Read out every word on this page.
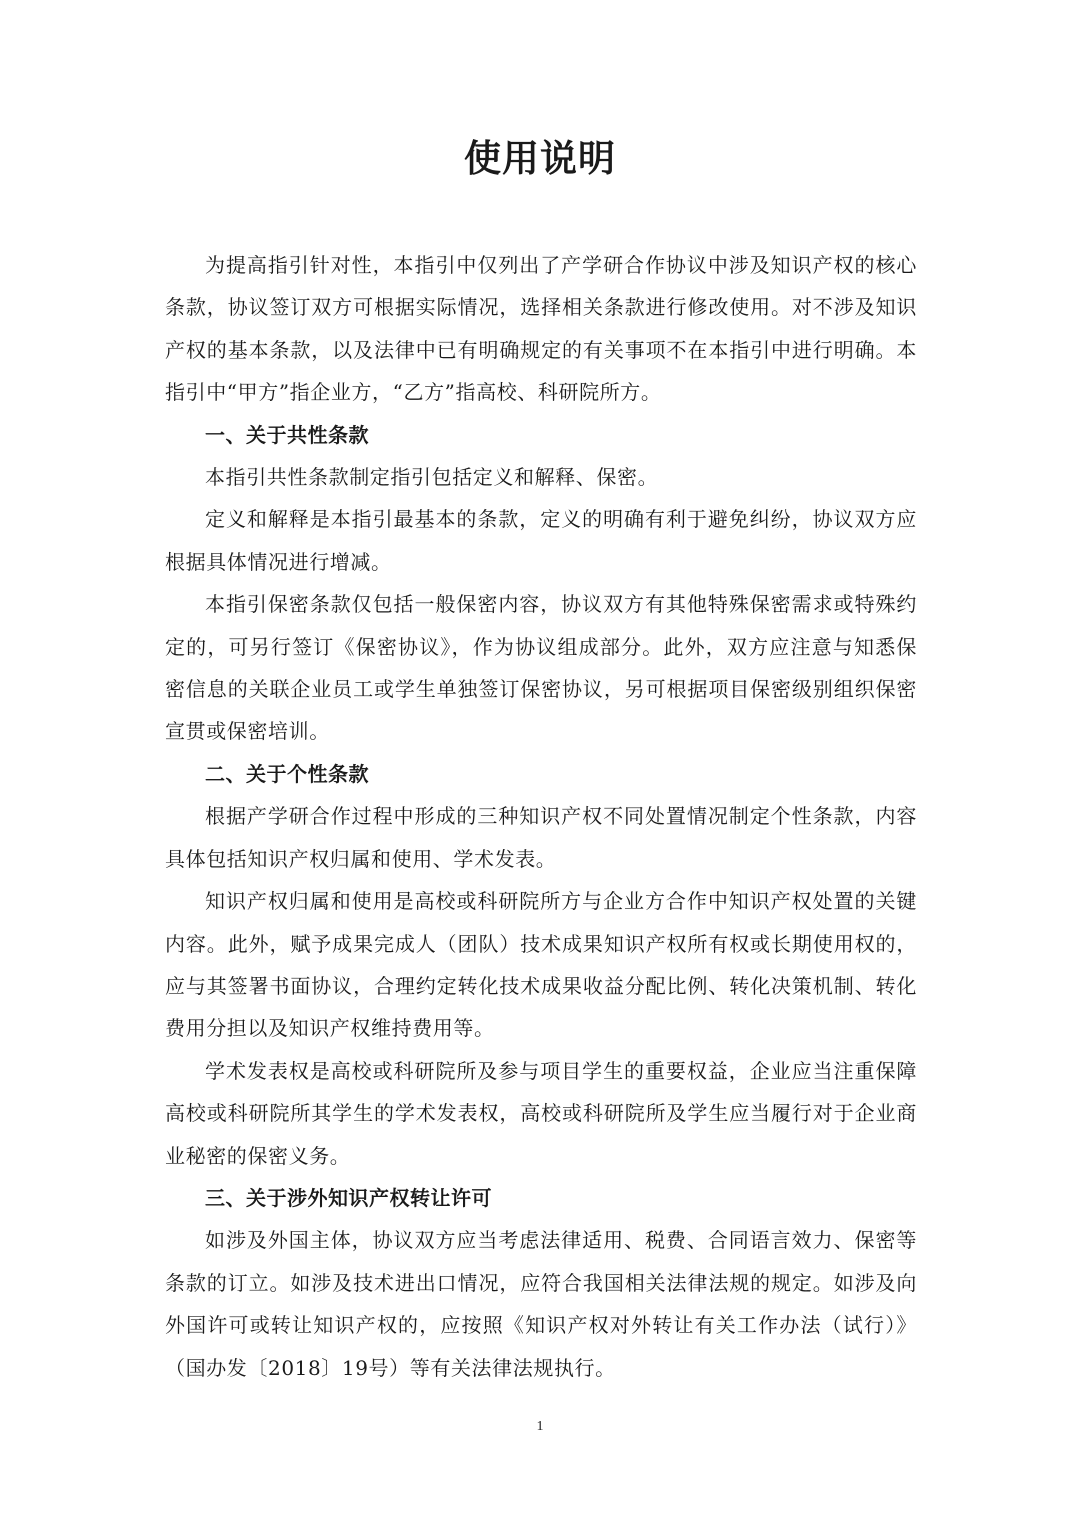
使用说明

为提高指引针对性，本指引中仅列出了产学研合作协议中涉及知识产权的核心条款，协议签订双方可根据实际情况，选择相关条款进行修改使用。对不涉及知识产权的基本条款，以及法律中已有明确规定的有关事项不在本指引中进行明确。本指引中“甲方”指企业方，“乙方”指高校、科研院所方。

一、关于共性条款

本指引共性条款制定指引包括定义和解释、保密。

定义和解释是本指引最基本的条款，定义的明确有利于避免纠纷，协议双方应根据具体情况进行增减。

本指引保密条款仅包括一般保密内容，协议双方有其他特殊保密需求或特殊约定的，可另行签订《保密协议》，作为协议组成部分。此外，双方应注意与知悉保密信息的关联企业员工或学生单独签订保密协议，另可根据项目保密级别组织保密宣贯或保密培训。

二、关于个性条款

根据产学研合作过程中形成的三种知识产权不同处置情况制定个性条款，内容具体包括知识产权归属和使用、学术发表。

知识产权归属和使用是高校或科研院所方与企业方合作中知识产权处置的关键内容。此外，赋予成果完成人（团队）技术成果知识产权所有权或长期使用权的，应与其签署书面协议，合理约定转化技术成果收益分配比例、转化决策机制、转化费用分担以及知识产权维持费用等。

学术发表权是高校或科研院所及参与项目学生的重要权益，企业应当注重保障高校或科研院所其学生的学术发表权，高校或科研院所及学生应当履行对于企业商业秘密的保密义务。

三、关于涉外知识产权转让许可

如涉及外国主体，协议双方应当考虑法律适用、税费、合同语言效力、保密等条款的订立。如涉及技术进出口情况，应符合我国相关法律法规的规定。如涉及向外国许可或转让知识产权的，应按照《知识产权对外转让有关工作办法（试行）》（国办发〔2018〕19号）等有关法律法规执行。

1
